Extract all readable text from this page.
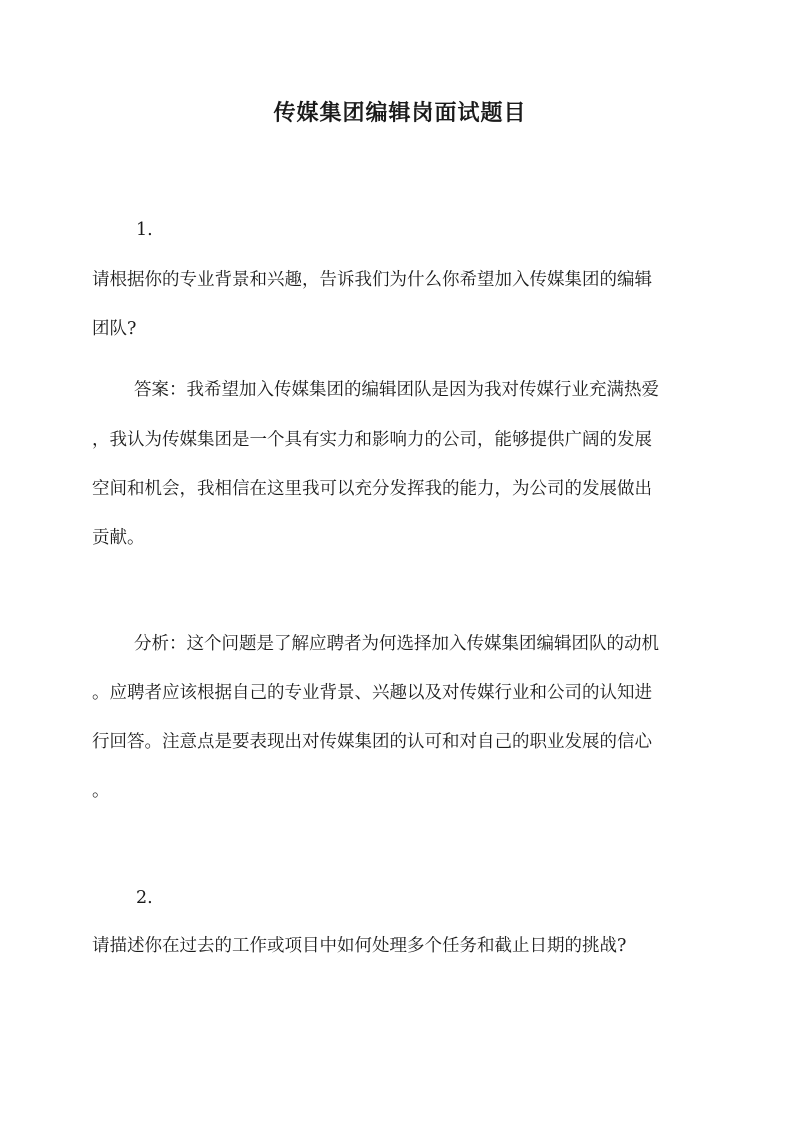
传媒集团编辑岗面试题目
1.
请根据你的专业背景和兴趣，告诉我们为什么你希望加入传媒集团的编辑
团队?
答案：我希望加入传媒集团的编辑团队是因为我对传媒行业充满热爱
，我认为传媒集团是一个具有实力和影响力的公司，能够提供广阔的发展
空间和机会，我相信在这里我可以充分发挥我的能力，为公司的发展做出
贡献。
分析：这个问题是了解应聘者为何选择加入传媒集团编辑团队的动机
。应聘者应该根据自己的专业背景、兴趣以及对传媒行业和公司的认知进
行回答。注意点是要表现出对传媒集团的认可和对自己的职业发展的信心
。
2.
请描述你在过去的工作或项目中如何处理多个任务和截止日期的挑战?
